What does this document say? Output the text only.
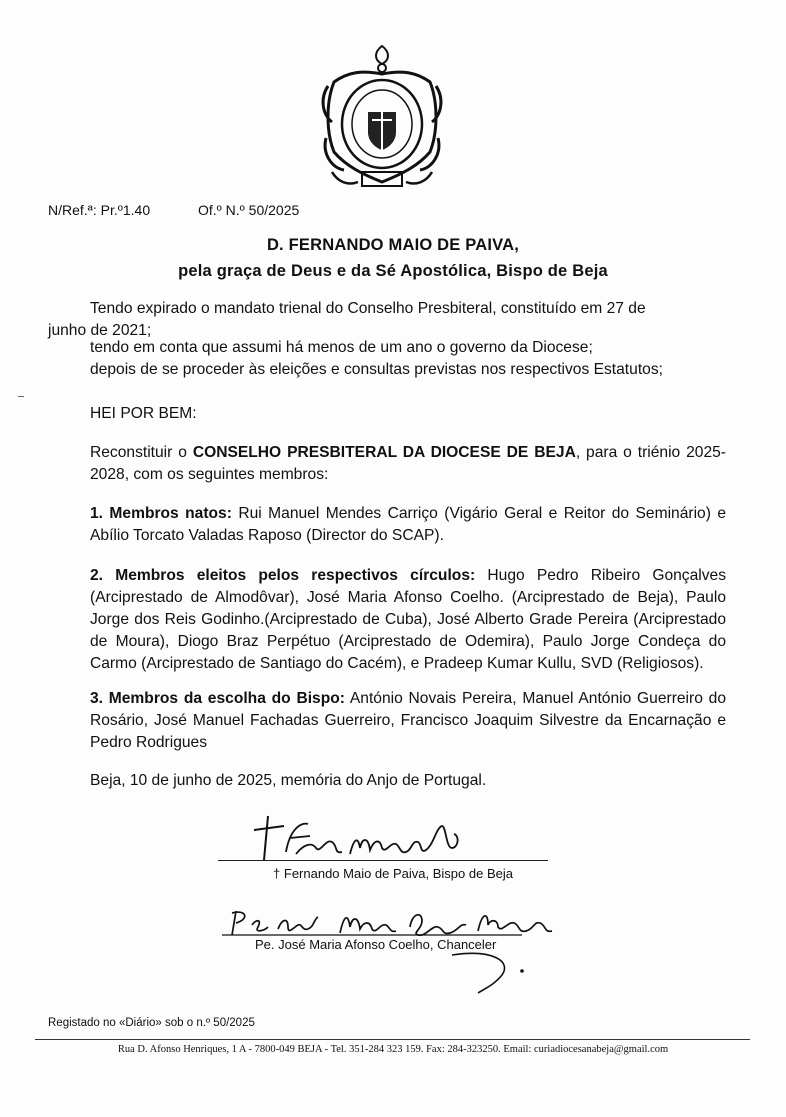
N/Ref.ª: Pr.º1.40	Of.º N.º 50/2025
D. FERNANDO MAIO DE PAIVA,
pela graça de Deus e da Sé Apostólica, Bispo de Beja
Tendo expirado o mandato trienal do Conselho Presbiteral, constituído em 27 de
junho de 2021;
tendo em conta que assumi há menos de um ano o governo da Diocese;
depois de se proceder às eleições e consultas previstas nos respectivos Estatutos;
HEI POR BEM:
Reconstituir o CONSELHO PRESBITERAL DA DIOCESE DE BEJA, para o triénio 2025-2028, com os seguintes membros:
1. Membros natos: Rui Manuel Mendes Carriço (Vigário Geral e Reitor do Seminário) e Abílio Torcato Valadas Raposo (Director do SCAP).
2. Membros eleitos pelos respectivos círculos: Hugo Pedro Ribeiro Gonçalves (Arciprestado de Almodôvar), José Maria Afonso Coelho. (Arciprestado de Beja), Paulo Jorge dos Reis Godinho.(Arciprestado de Cuba), José Alberto Grade Pereira (Arciprestado de Moura), Diogo Braz Perpétuo (Arciprestado de Odemira), Paulo Jorge Condeça do Carmo (Arciprestado de Santiago do Cacém), e Pradeep Kumar Kullu, SVD (Religiosos).
3. Membros da escolha do Bispo: António Novais Pereira, Manuel António Guerreiro do Rosário, José Manuel Fachadas Guerreiro, Francisco Joaquim Silvestre da Encarnação e Pedro Rodrigues
Beja, 10 de junho de 2025, memória do Anjo de Portugal.
† Fernando Maio de Paiva, Bispo de Beja
Pe. José Maria Afonso Coelho, Chanceler
Registado no «Diário» sob o n.º 50/2025
Rua D. Afonso Henriques, 1 A - 7800-049 BEJA - Tel. 351-284 323 159. Fax: 284-323250. Email: curiadiocesanabeja@gmail.com
